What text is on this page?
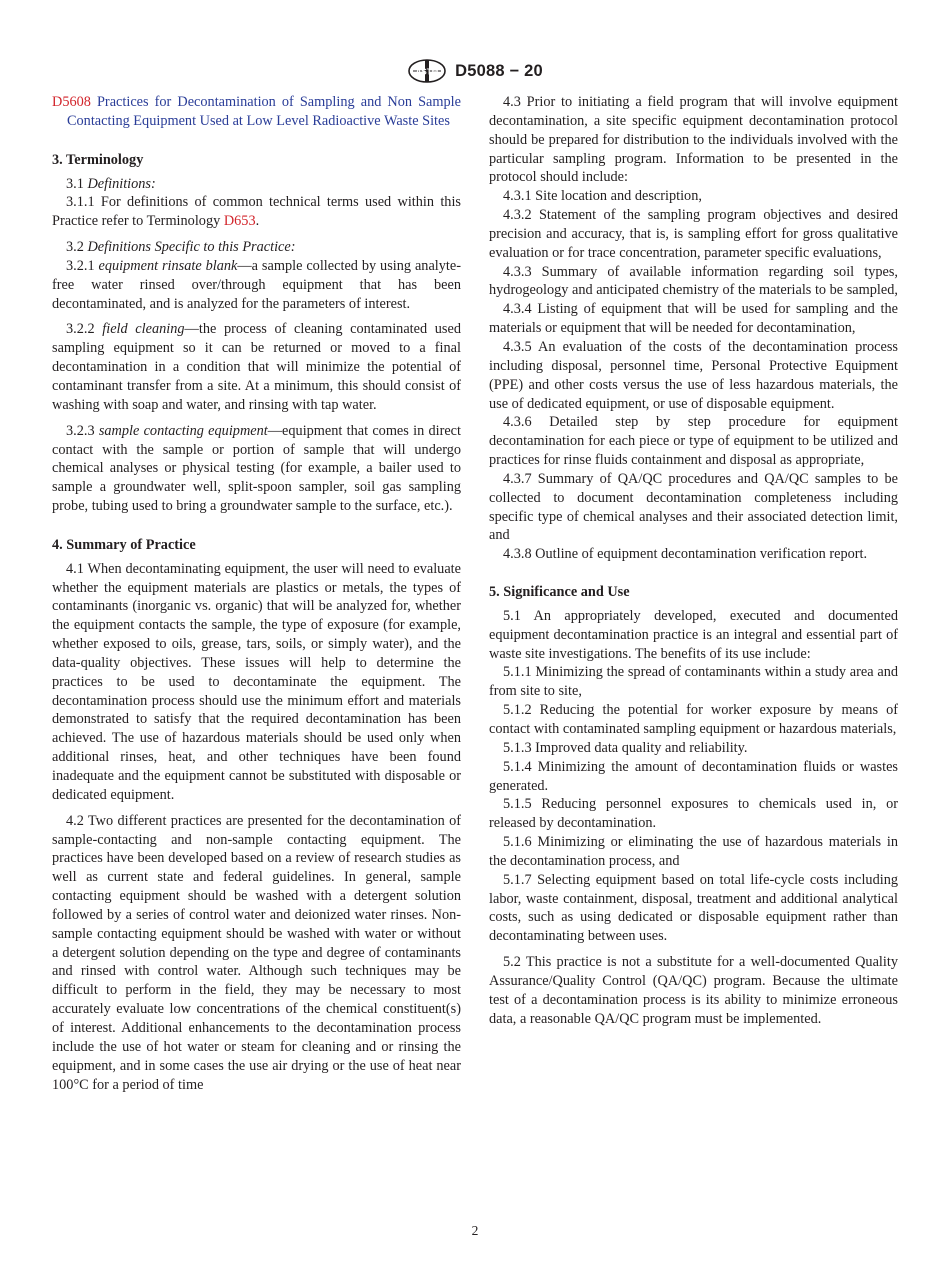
ASTM D5088 − 20

D5608 Practices for Decontamination of Sampling and Non Sample Contacting Equipment Used at Low Level Radioactive Waste Sites

3. Terminology

3.1 Definitions:

3.1.1 For definitions of common technical terms used within this Practice refer to Terminology D653.

3.2 Definitions Specific to this Practice:

3.2.1 equipment rinsate blank—a sample collected by using analyte-free water rinsed over/through equipment that has been decontaminated, and is analyzed for the parameters of interest.

3.2.2 field cleaning—the process of cleaning contaminated used sampling equipment so it can be returned or moved to a final decontamination in a condition that will minimize the potential of contaminant transfer from a site. At a minimum, this should consist of washing with soap and water, and rinsing with tap water.

3.2.3 sample contacting equipment—equipment that comes in direct contact with the sample or portion of sample that will undergo chemical analyses or physical testing (for example, a bailer used to sample a groundwater well, split-spoon sampler, soil gas sampling probe, tubing used to bring a groundwater sample to the surface, etc.).

4. Summary of Practice

4.1 When decontaminating equipment, the user will need to evaluate whether the equipment materials are plastics or metals, the types of contaminants (inorganic vs. organic) that will be analyzed for, whether the equipment contacts the sample, the type of exposure (for example, whether exposed to oils, grease, tars, soils, or simply water), and the data-quality objectives. These issues will help to determine the practices to be used to decontaminate the equipment. The decontamination process should use the minimum effort and materials demonstrated to satisfy that the required decontamination has been achieved. The use of hazardous materials should be used only when additional rinses, heat, and other techniques have been found inadequate and the equipment cannot be substituted with disposable or dedicated equipment.

4.2 Two different practices are presented for the decontamination of sample-contacting and non-sample contacting equipment. The practices have been developed based on a review of research studies as well as current state and federal guidelines. In general, sample contacting equipment should be washed with a detergent solution followed by a series of control water and deionized water rinses. Non-sample contacting equipment should be washed with water or without a detergent solution depending on the type and degree of contaminants and rinsed with control water. Although such techniques may be difficult to perform in the field, they may be necessary to most accurately evaluate low concentrations of the chemical constituent(s) of interest. Additional enhancements to the decontamination process include the use of hot water or steam for cleaning and or rinsing the equipment, and in some cases the use air drying or the use of heat near 100°C for a period of time

4.3 Prior to initiating a field program that will involve equipment decontamination, a site specific equipment decontamination protocol should be prepared for distribution to the individuals involved with the particular sampling program. Information to be presented in the protocol should include:

4.3.1 Site location and description,

4.3.2 Statement of the sampling program objectives and desired precision and accuracy, that is, is sampling effort for gross qualitative evaluation or for trace concentration, parameter specific evaluations,

4.3.3 Summary of available information regarding soil types, hydrogeology and anticipated chemistry of the materials to be sampled,

4.3.4 Listing of equipment that will be used for sampling and the materials or equipment that will be needed for decontamination,

4.3.5 An evaluation of the costs of the decontamination process including disposal, personnel time, Personal Protective Equipment (PPE) and other costs versus the use of less hazardous materials, the use of dedicated equipment, or use of disposable equipment.

4.3.6 Detailed step by step procedure for equipment decontamination for each piece or type of equipment to be utilized and practices for rinse fluids containment and disposal as appropriate,

4.3.7 Summary of QA/QC procedures and QA/QC samples to be collected to document decontamination completeness including specific type of chemical analyses and their associated detection limit, and

4.3.8 Outline of equipment decontamination verification report.

5. Significance and Use

5.1 An appropriately developed, executed and documented equipment decontamination practice is an integral and essential part of waste site investigations. The benefits of its use include:

5.1.1 Minimizing the spread of contaminants within a study area and from site to site,

5.1.2 Reducing the potential for worker exposure by means of contact with contaminated sampling equipment or hazardous materials,

5.1.3 Improved data quality and reliability.

5.1.4 Minimizing the amount of decontamination fluids or wastes generated.

5.1.5 Reducing personnel exposures to chemicals used in, or released by decontamination.

5.1.6 Minimizing or eliminating the use of hazardous materials in the decontamination process, and

5.1.7 Selecting equipment based on total life-cycle costs including labor, waste containment, disposal, treatment and additional analytical costs, such as using dedicated or disposable equipment rather than decontaminating between uses.

5.2 This practice is not a substitute for a well-documented Quality Assurance/Quality Control (QA/QC) program. Because the ultimate test of a decontamination process is its ability to minimize erroneous data, a reasonable QA/QC program must be implemented.

2
